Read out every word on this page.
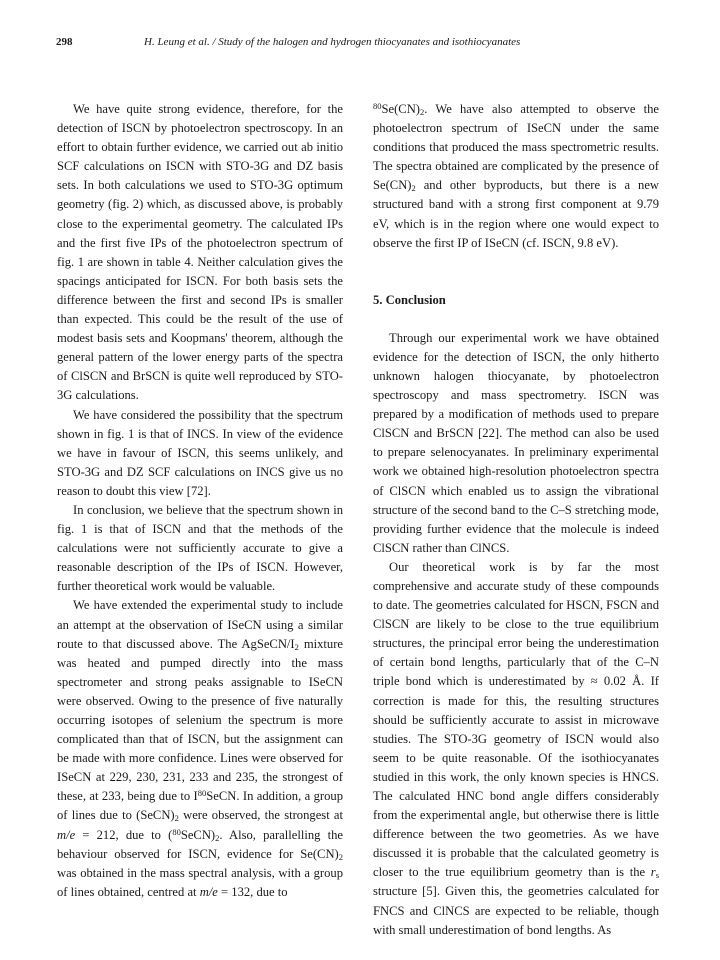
298	H. Leung et al. / Study of the halogen and hydrogen thiocyanates and isothiocyanates

We have quite strong evidence, therefore, for the detection of ISCN by photoelectron spectroscopy. In an effort to obtain further evidence, we carried out ab initio SCF calculations on ISCN with STO-3G and DZ basis sets. In both calculations we used to STO-3G optimum geometry (fig. 2) which, as discussed above, is probably close to the experimental geometry. The calculated IPs and the first five IPs of the photoelectron spectrum of fig. 1 are shown in table 4. Neither calculation gives the spacings anticipated for ISCN. For both basis sets the difference between the first and second IPs is smaller than expected. This could be the result of the use of modest basis sets and Koopmans' theorem, although the general pattern of the lower energy parts of the spectra of ClSCN and BrSCN is quite well reproduced by STO-3G calculations.

We have considered the possibility that the spectrum shown in fig. 1 is that of INCS. In view of the evidence we have in favour of ISCN, this seems unlikely, and STO-3G and DZ SCF calculations on INCS give us no reason to doubt this view [72].

In conclusion, we believe that the spectrum shown in fig. 1 is that of ISCN and that the methods of the calculations were not sufficiently accurate to give a reasonable description of the IPs of ISCN. However, further theoretical work would be valuable.

We have extended the experimental study to include an attempt at the observation of ISeCN using a similar route to that discussed above. The AgSeCN/$I_2$ mixture was heated and pumped directly into the mass spectrometer and strong peaks assignable to ISeCN were observed. Owing to the presence of five naturally occurring isotopes of selenium the spectrum is more complicated than that of ISCN, but the assignment can be made with more confidence. Lines were observed for ISeCN at 229, 230, 231, 233 and 235, the strongest of these, at 233, being due to $I^{80}SeCN$. In addition, a group of lines due to $(SeCN)_2$ were observed, the strongest at m/e = 212, due to $(^{80}SeCN)_2$. Also, parallelling the behaviour observed for ISCN, evidence for $Se(CN)_2$ was obtained in the mass spectral analysis, with a group of lines obtained, centred at m/e = 132, due to

$^{80}Se(CN)_2$. We have also attempted to observe the photoelectron spectrum of ISeCN under the same conditions that produced the mass spectrometric results. The spectra obtained are complicated by the presence of $Se(CN)_2$ and other byproducts, but there is a new structured band with a strong first component at 9.79 eV, which is in the region where one would expect to observe the first IP of ISeCN (cf. ISCN, 9.8 eV).

5. Conclusion

Through our experimental work we have obtained evidence for the detection of ISCN, the only hitherto unknown halogen thiocyanate, by photoelectron spectroscopy and mass spectrometry. ISCN was prepared by a modification of methods used to prepare ClSCN and BrSCN [22]. The method can also be used to prepare selenocyanates. In preliminary experimental work we obtained high-resolution photoelectron spectra of ClSCN which enabled us to assign the vibrational structure of the second band to the C–S stretching mode, providing further evidence that the molecule is indeed ClSCN rather than ClNCS.

Our theoretical work is by far the most comprehensive and accurate study of these compounds to date. The geometries calculated for HSCN, FSCN and ClSCN are likely to be close to the true equilibrium structures, the principal error being the underestimation of certain bond lengths, particularly that of the C–N triple bond which is underestimated by ≈ 0.02 Å. If correction is made for this, the resulting structures should be sufficiently accurate to assist in microwave studies. The STO-3G geometry of ISCN would also seem to be quite reasonable. Of the isothiocyanates studied in this work, the only known species is HNCS. The calculated HNC bond angle differs considerably from the experimental angle, but otherwise there is little difference between the two geometries. As we have discussed it is probable that the calculated geometry is closer to the true equilibrium geometry than is the $r_s$ structure [5]. Given this, the geometries calculated for FNCS and ClNCS are expected to be reliable, though with small underestimation of bond lengths. As
